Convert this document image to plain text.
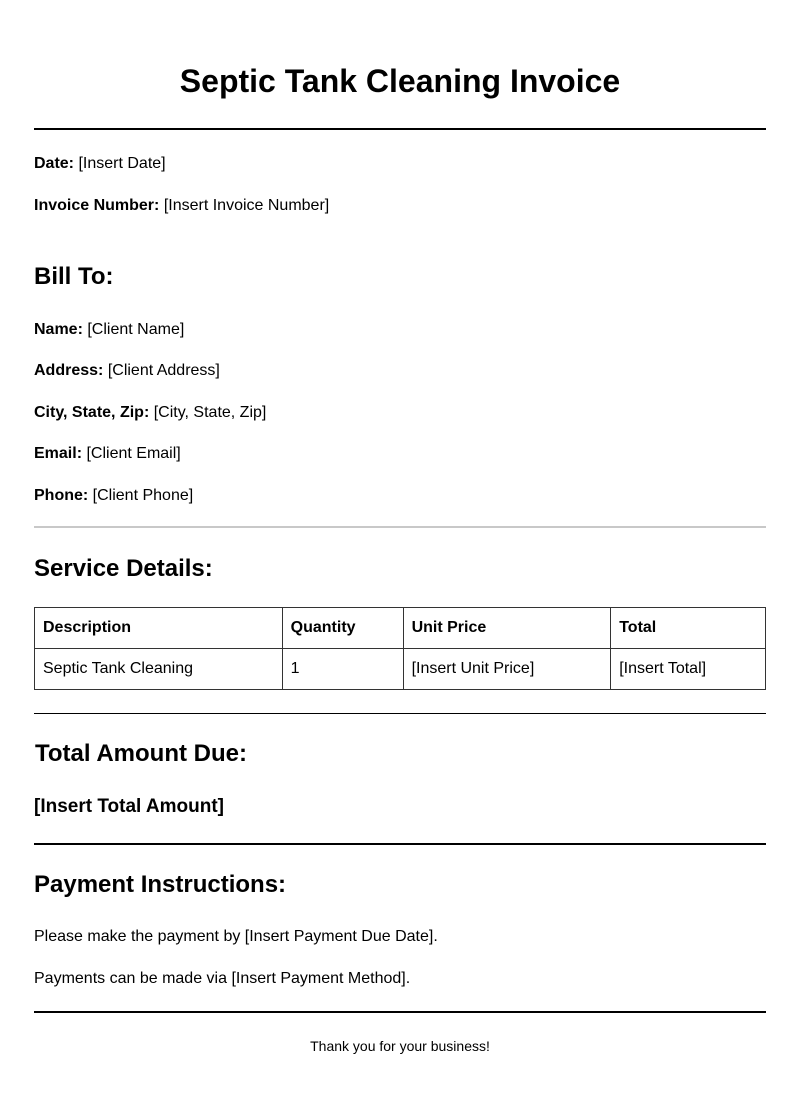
Septic Tank Cleaning Invoice
Date: [Insert Date]
Invoice Number: [Insert Invoice Number]
Bill To:
Name: [Client Name]
Address: [Client Address]
City, State, Zip: [City, State, Zip]
Email: [Client Email]
Phone: [Client Phone]
Service Details:
Description	Quantity	Unit Price	Total
Septic Tank Cleaning	1	[Insert Unit Price]	[Insert Total]
Total Amount Due:
[Insert Total Amount]
Payment Instructions:
Please make the payment by [Insert Payment Due Date].
Payments can be made via [Insert Payment Method].
Thank you for your business!
